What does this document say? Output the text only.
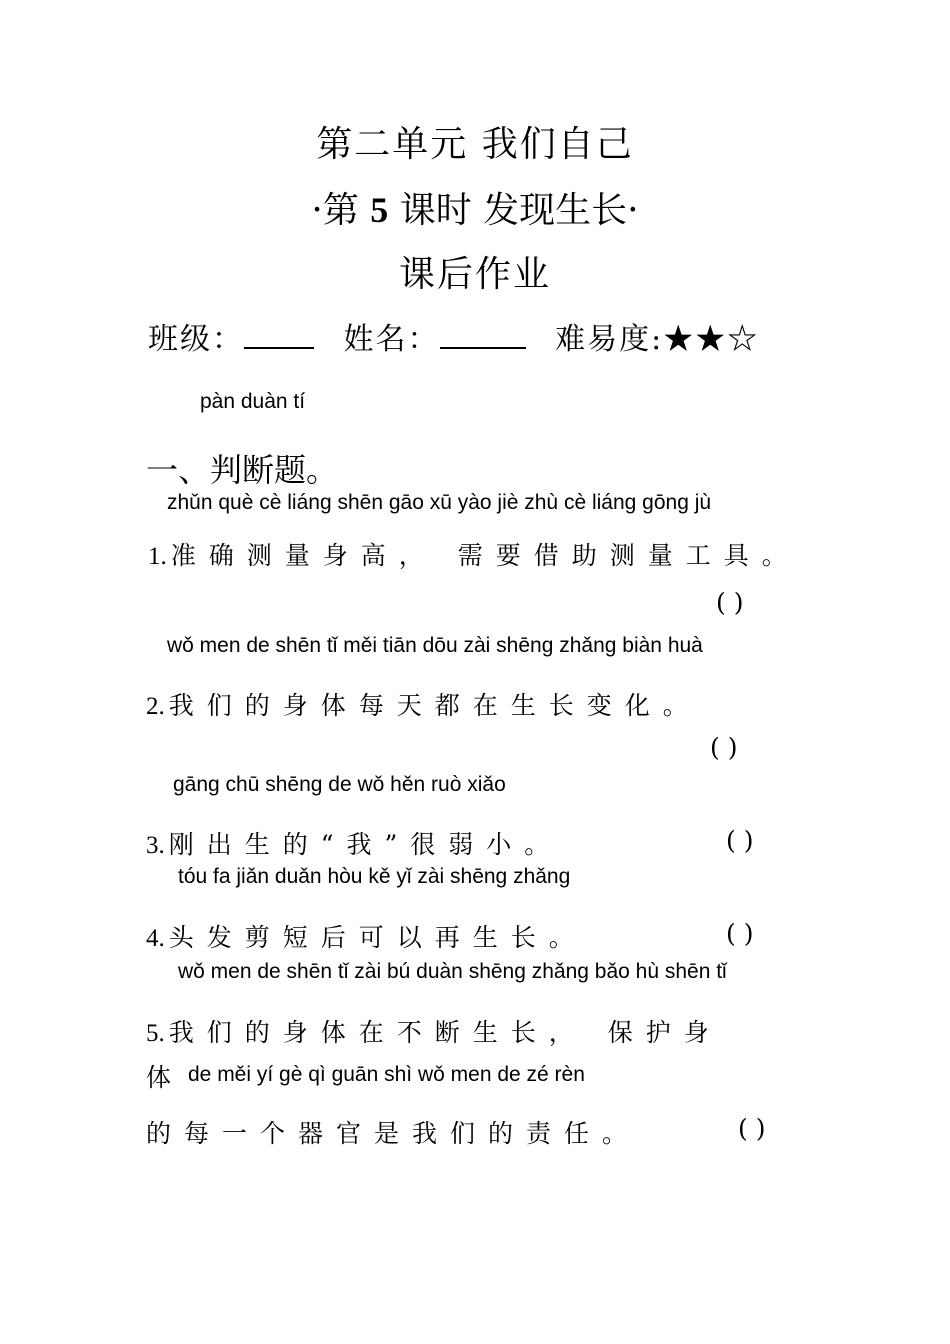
第二单元 我们自己
·第 5 课时 发现生长·
课后作业
班级：	姓名：	难易度:★★☆
pàn duàn tí
一、判断题。
zhǔn què cè liáng shēn gāo xū yào jiè zhù cè liáng gōng jù
1. 准确测量身高， 需要借助测量工具。
( )
wǒ men de shēn tǐ měi tiān dōu zài shēng zhǎng biàn huà
2. 我们的身体每天都在生长变化。
( )
gāng chū shēng de wǒ hěn ruò xiǎo
3. 刚出生的“我”很弱小。	( )
tóu fa jiǎn duǎn hòu kě yǐ zài shēng zhǎng
4. 头发剪短后可以再生长。	( )
wǒ men de shēn tǐ zài bú duàn shēng zhǎng bǎo hù shēn tǐ
5. 我们的身体在不断生长， 保护身
体 de měi yí gè qì guān shì wǒ men de zé rèn
的每一个器官是我们的责任。	( )
